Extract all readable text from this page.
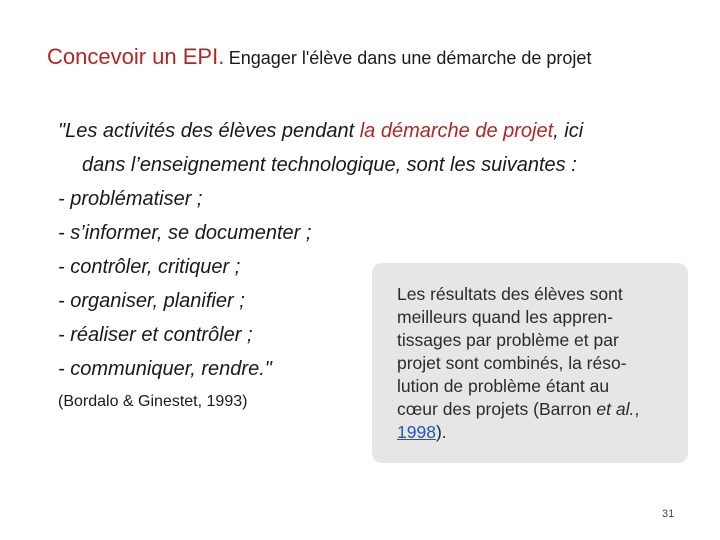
Concevoir un EPI. Engager l'élève dans une démarche de projet
"Les activités des élèves pendant la démarche de projet, ici
dans l’enseignement technologique, sont les suivantes :
- problématiser ;
- s’informer, se documenter ;
- contrôler, critiquer ;
- organiser, planifier ;
- réaliser et contrôler ;
- communiquer, rendre."
(Bordalo & Ginestet, 1993)
Les résultats des élèves sont
meilleurs quand les appren-
tissages par problème et par
projet sont combinés, la réso-
lution de problème étant au
cœur des projets (Barron et al.,
1998).
31
